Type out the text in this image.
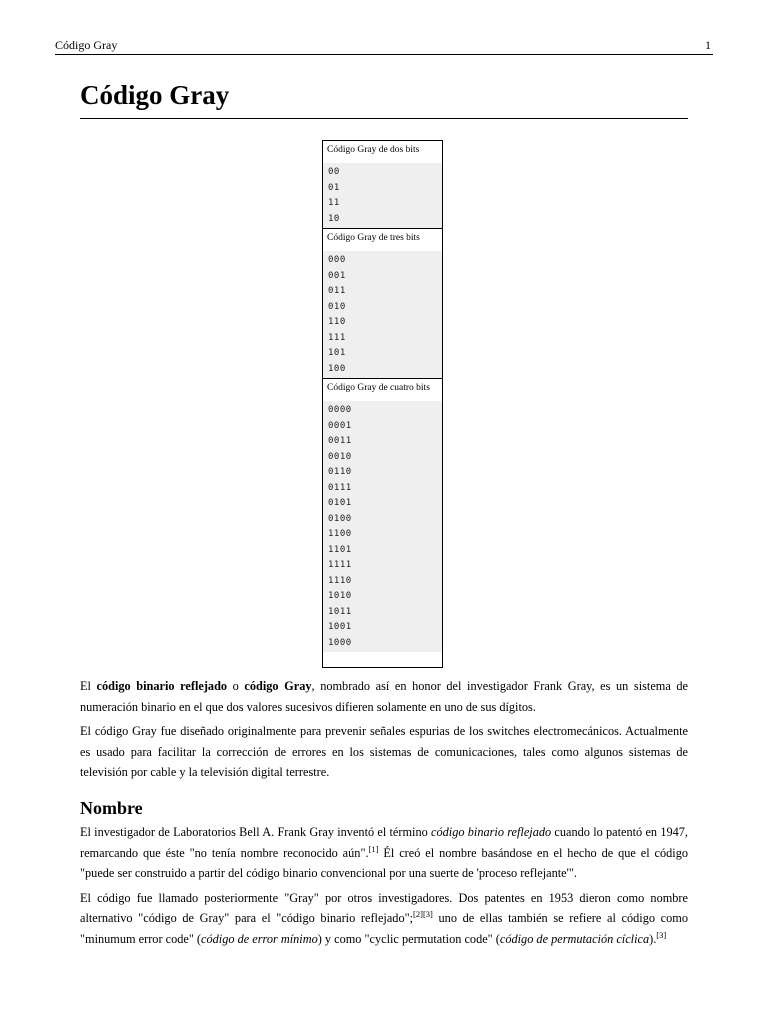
Código Gray	1
Código Gray
Código Gray de dos bits
00
01
11
10
Código Gray de tres bits
000
001
011
010
110
111
101
100
Código Gray de cuatro bits
0000
0001
0011
0010
0110
0111
0101
0100
1100
1101
1111
1110
1010
1011
1001
1000

El código binario reflejado o código Gray, nombrado así en honor del investigador Frank Gray, es un sistema de numeración binario en el que dos valores sucesivos difieren solamente en uno de sus dígitos.

El código Gray fue diseñado originalmente para prevenir señales espurias de los switches electromecánicos. Actualmente es usado para facilitar la corrección de errores en los sistemas de comunicaciones, tales como algunos sistemas de televisión por cable y la televisión digital terrestre.

Nombre

El investigador de Laboratorios Bell A. Frank Gray inventó el término código binario reflejado cuando lo patentó en 1947, remarcando que éste "no tenía nombre reconocido aún".[1] Él creó el nombre basándose en el hecho de que el código "puede ser construido a partir del código binario convencional por una suerte de 'proceso reflejante'".

El código fue llamado posteriormente "Gray" por otros investigadores. Dos patentes en 1953 dieron como nombre alternativo "código de Gray" para el "código binario reflejado";[2][3] uno de ellas también se refiere al código como "minumum error code" (código de error mínimo) y como "cyclic permutation code" (código de permutación cíclica).[3]
